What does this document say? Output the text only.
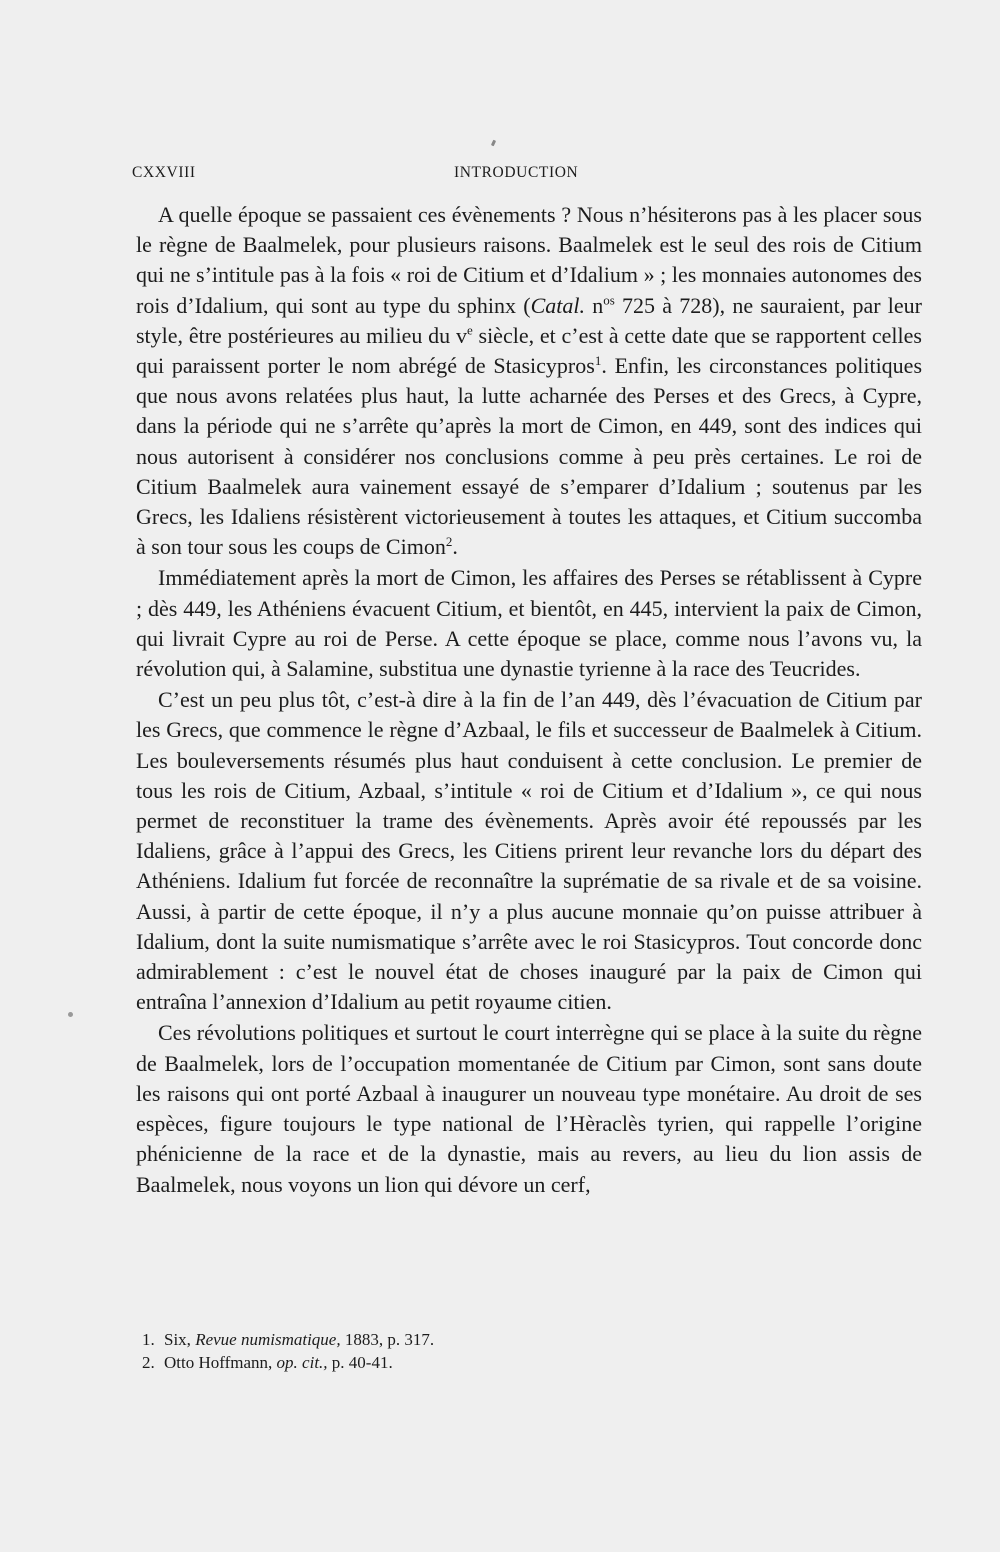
CXXVIII	INTRODUCTION

A quelle époque se passaient ces évènements ? Nous n’hésiterons pas à les placer sous le règne de Baalmelek, pour plusieurs raisons. Baalmelek est le seul des rois de Citium qui ne s’intitule pas à la fois « roi de Citium et d’Idalium » ; les monnaies autonomes des rois d’Idalium, qui sont au type du sphinx (Catal. $n^{os}$ 725 à 728), ne sauraient, par leur style, être postérieures au milieu du $v^e$ siècle, et c’est à cette date que se rapportent celles qui paraissent porter le nom abrégé de Stasicypros$^1$. Enfin, les circonstances politiques que nous avons relatées plus haut, la lutte acharnée des Perses et des Grecs, à Cypre, dans la période qui ne s’arrête qu’après la mort de Cimon, en 449, sont des indices qui nous autorisent à considérer nos conclusions comme à peu près certaines. Le roi de Citium Baalmelek aura vainement essayé de s’emparer d’Idalium ; soutenus par les Grecs, les Idaliens résistèrent victorieusement à toutes les attaques, et Citium succomba à son tour sous les coups de Cimon$^2$.

Immédiatement après la mort de Cimon, les affaires des Perses se rétablissent à Cypre ; dès 449, les Athéniens évacuent Citium, et bientôt, en 445, intervient la paix de Cimon, qui livrait Cypre au roi de Perse. A cette époque se place, comme nous l’avons vu, la révolution qui, à Salamine, substitua une dynastie tyrienne à la race des Teucrides.

C’est un peu plus tôt, c’est-à dire à la fin de l’an 449, dès l’évacuation de Citium par les Grecs, que commence le règne d’Azbaal, le fils et successeur de Baalmelek à Citium. Les bouleversements résumés plus haut conduisent à cette conclusion. Le premier de tous les rois de Citium, Azbaal, s’intitule « roi de Citium et d’Idalium », ce qui nous permet de reconstituer la trame des évènements. Après avoir été repoussés par les Idaliens, grâce à l’appui des Grecs, les Citiens prirent leur revanche lors du départ des Athéniens. Idalium fut forcée de reconnaître la suprématie de sa rivale et de sa voisine. Aussi, à partir de cette époque, il n’y a plus aucune monnaie qu’on puisse attribuer à Idalium, dont la suite numismatique s’arrête avec le roi Stasicypros. Tout concorde donc admirablement : c’est le nouvel état de choses inauguré par la paix de Cimon qui entraîna l’annexion d’Idalium au petit royaume citien.

Ces révolutions politiques et surtout le court interrègne qui se place à la suite du règne de Baalmelek, lors de l’occupation momentanée de Citium par Cimon, sont sans doute les raisons qui ont porté Azbaal à inaugurer un nouveau type monétaire. Au droit de ses espèces, figure toujours le type national de l’Hèraclès tyrien, qui rappelle l’origine phénicienne de la race et de la dynastie, mais au revers, au lieu du lion assis de Baalmelek, nous voyons un lion qui dévore un cerf,

1. Six, Revue numismatique, 1883, p. 317.
2. Otto Hoffmann, op. cit., p. 40-41.
